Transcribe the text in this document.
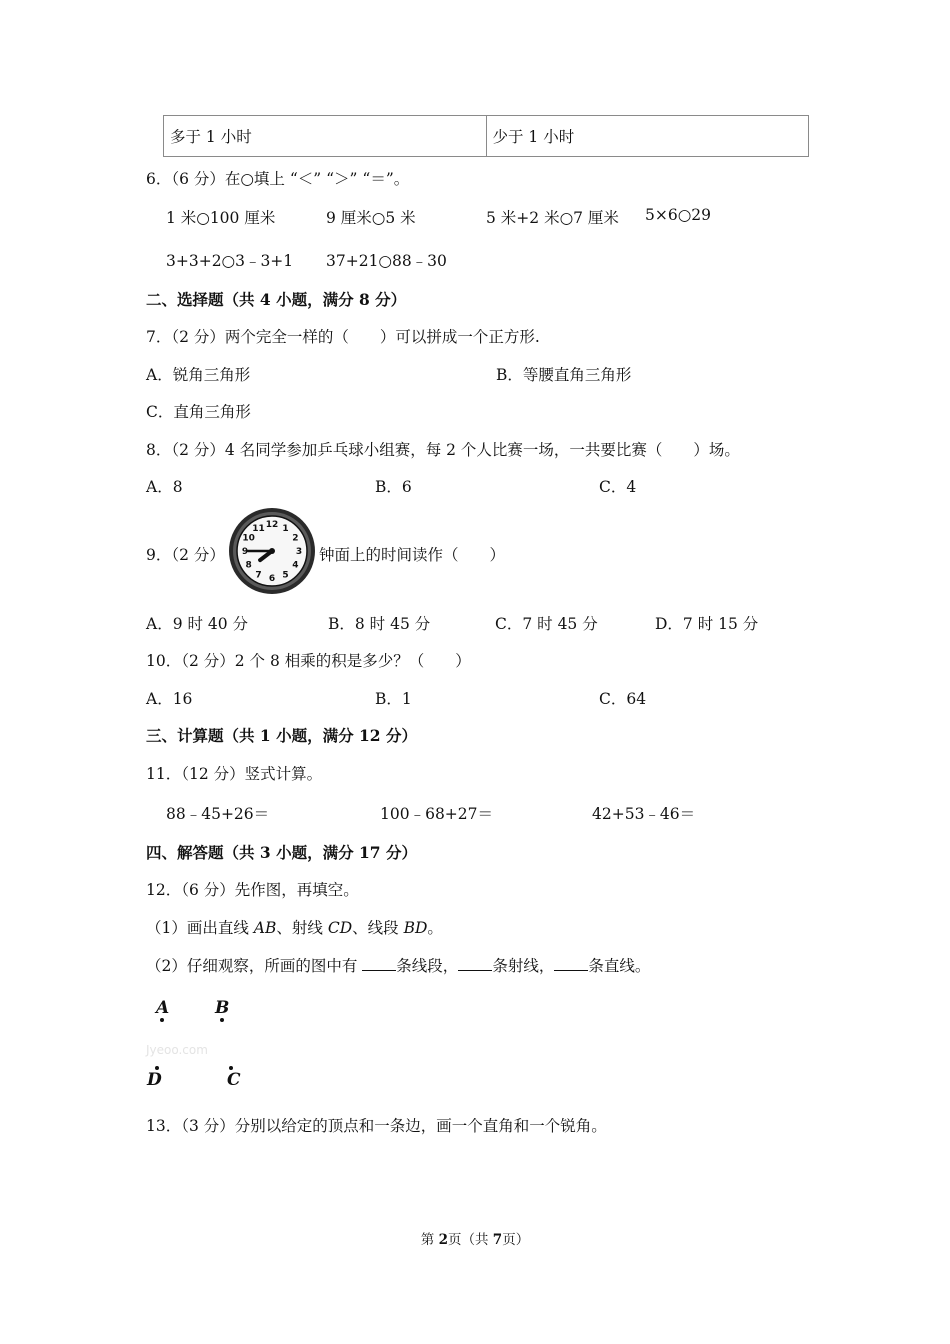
多于 1 小时	少于 1 小时
6．（6 分）在○填上 “＜” “＞” “＝”。
1 米○100 厘米	9 厘米○5 米	5 米+2 米○7 厘米 5×6○29
3+3+2○3﹣3+1 37+21○88﹣30
二、选择题（共 4 小题，满分 8 分）
7．（2 分）两个完全一样的（　　）可以拼成一个正方形.
A．锐角三角形	B．等腰直角三角形
C．直角三角形
8．（2 分）4 名同学参加乒乓球小组赛，每 2 个人比赛一场，一共要比赛（　　）场。
A．8	B．6	C．4
9．（2 分）
12 1
2
3
4
5
6
7
8
9
10
11
钟面上的时间读作（　　）
A．9 时 40 分	B．8 时 45 分	C．7 时 45 分	D．7 时 15 分
10．（2 分）2 个 8 相乘的积是多少？（　　）
A．16	B．1	C．64
三、计算题（共 1 小题，满分 12 分）
11．（12 分）竖式计算。
88﹣45+26＝	100﹣68+27＝	42+53﹣46＝
四、解答题（共 3 小题，满分 17 分）
12．（6 分）先作图，再填空。
（1）画出直线 AB、射线 CD、线段 BD。
（2）仔细观察，所画的图中有 条线段， 条射线， 条直线。
A	B
Jyeoo.com
D	C
13．（3 分）分别以给定的顶点和一条边，画一个直角和一个锐角。
第 2页（共 7页）
